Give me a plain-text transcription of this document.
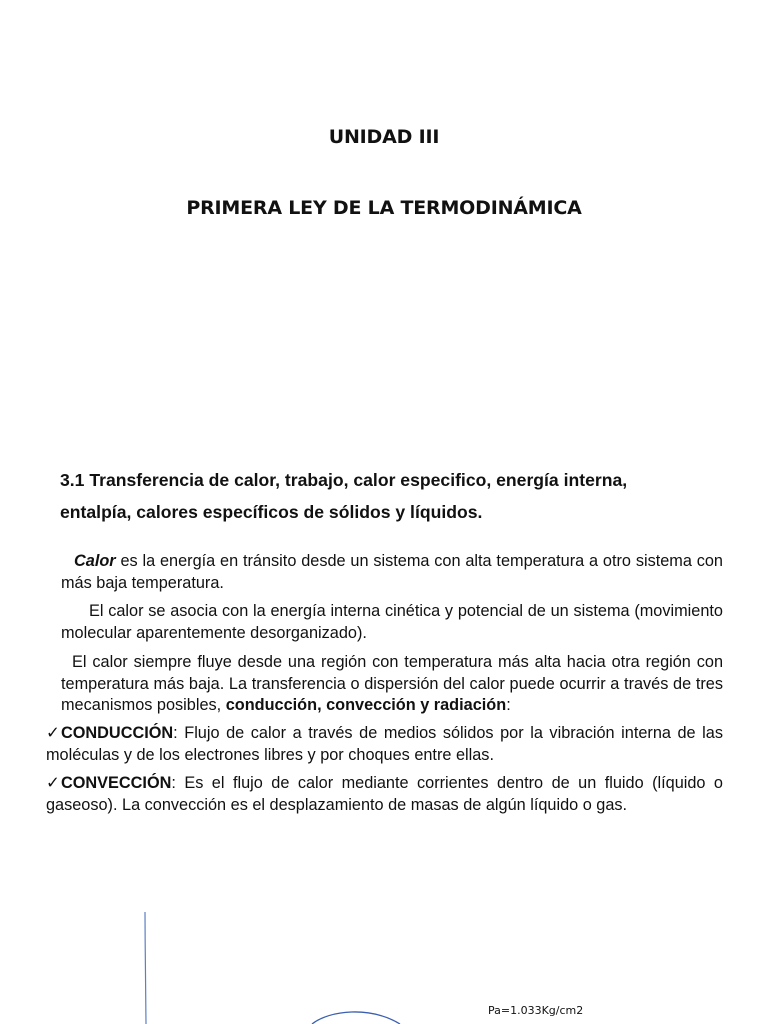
UNIDAD III
PRIMERA LEY DE LA TERMODINÁMICA
3.1 Transferencia de calor, trabajo, calor especifico, energía interna,
entalpía, calores específicos de sólidos y líquidos.

Calor es la energía en tránsito desde un sistema con alta temperatura a otro sistema con más baja temperatura.

El calor se asocia con la energía interna cinética y potencial de un sistema (movimiento molecular aparentemente desorganizado).

El calor siempre fluye desde una región con temperatura más alta hacia otra región con temperatura más baja. La transferencia o dispersión del calor puede ocurrir a través de tres mecanismos posibles, conducción, convección y radiación:

✓CONDUCCIÓN: Flujo de calor a través de medios sólidos por la vibración interna de las moléculas y de los electrones libres y por choques entre ellas.
✓CONVECCIÓN: Es el flujo de calor mediante corrientes dentro de un fluido (líquido o gaseoso). La convección es el desplazamiento de masas de algún líquido o gas.
Pa=1.033Kg/cm2
